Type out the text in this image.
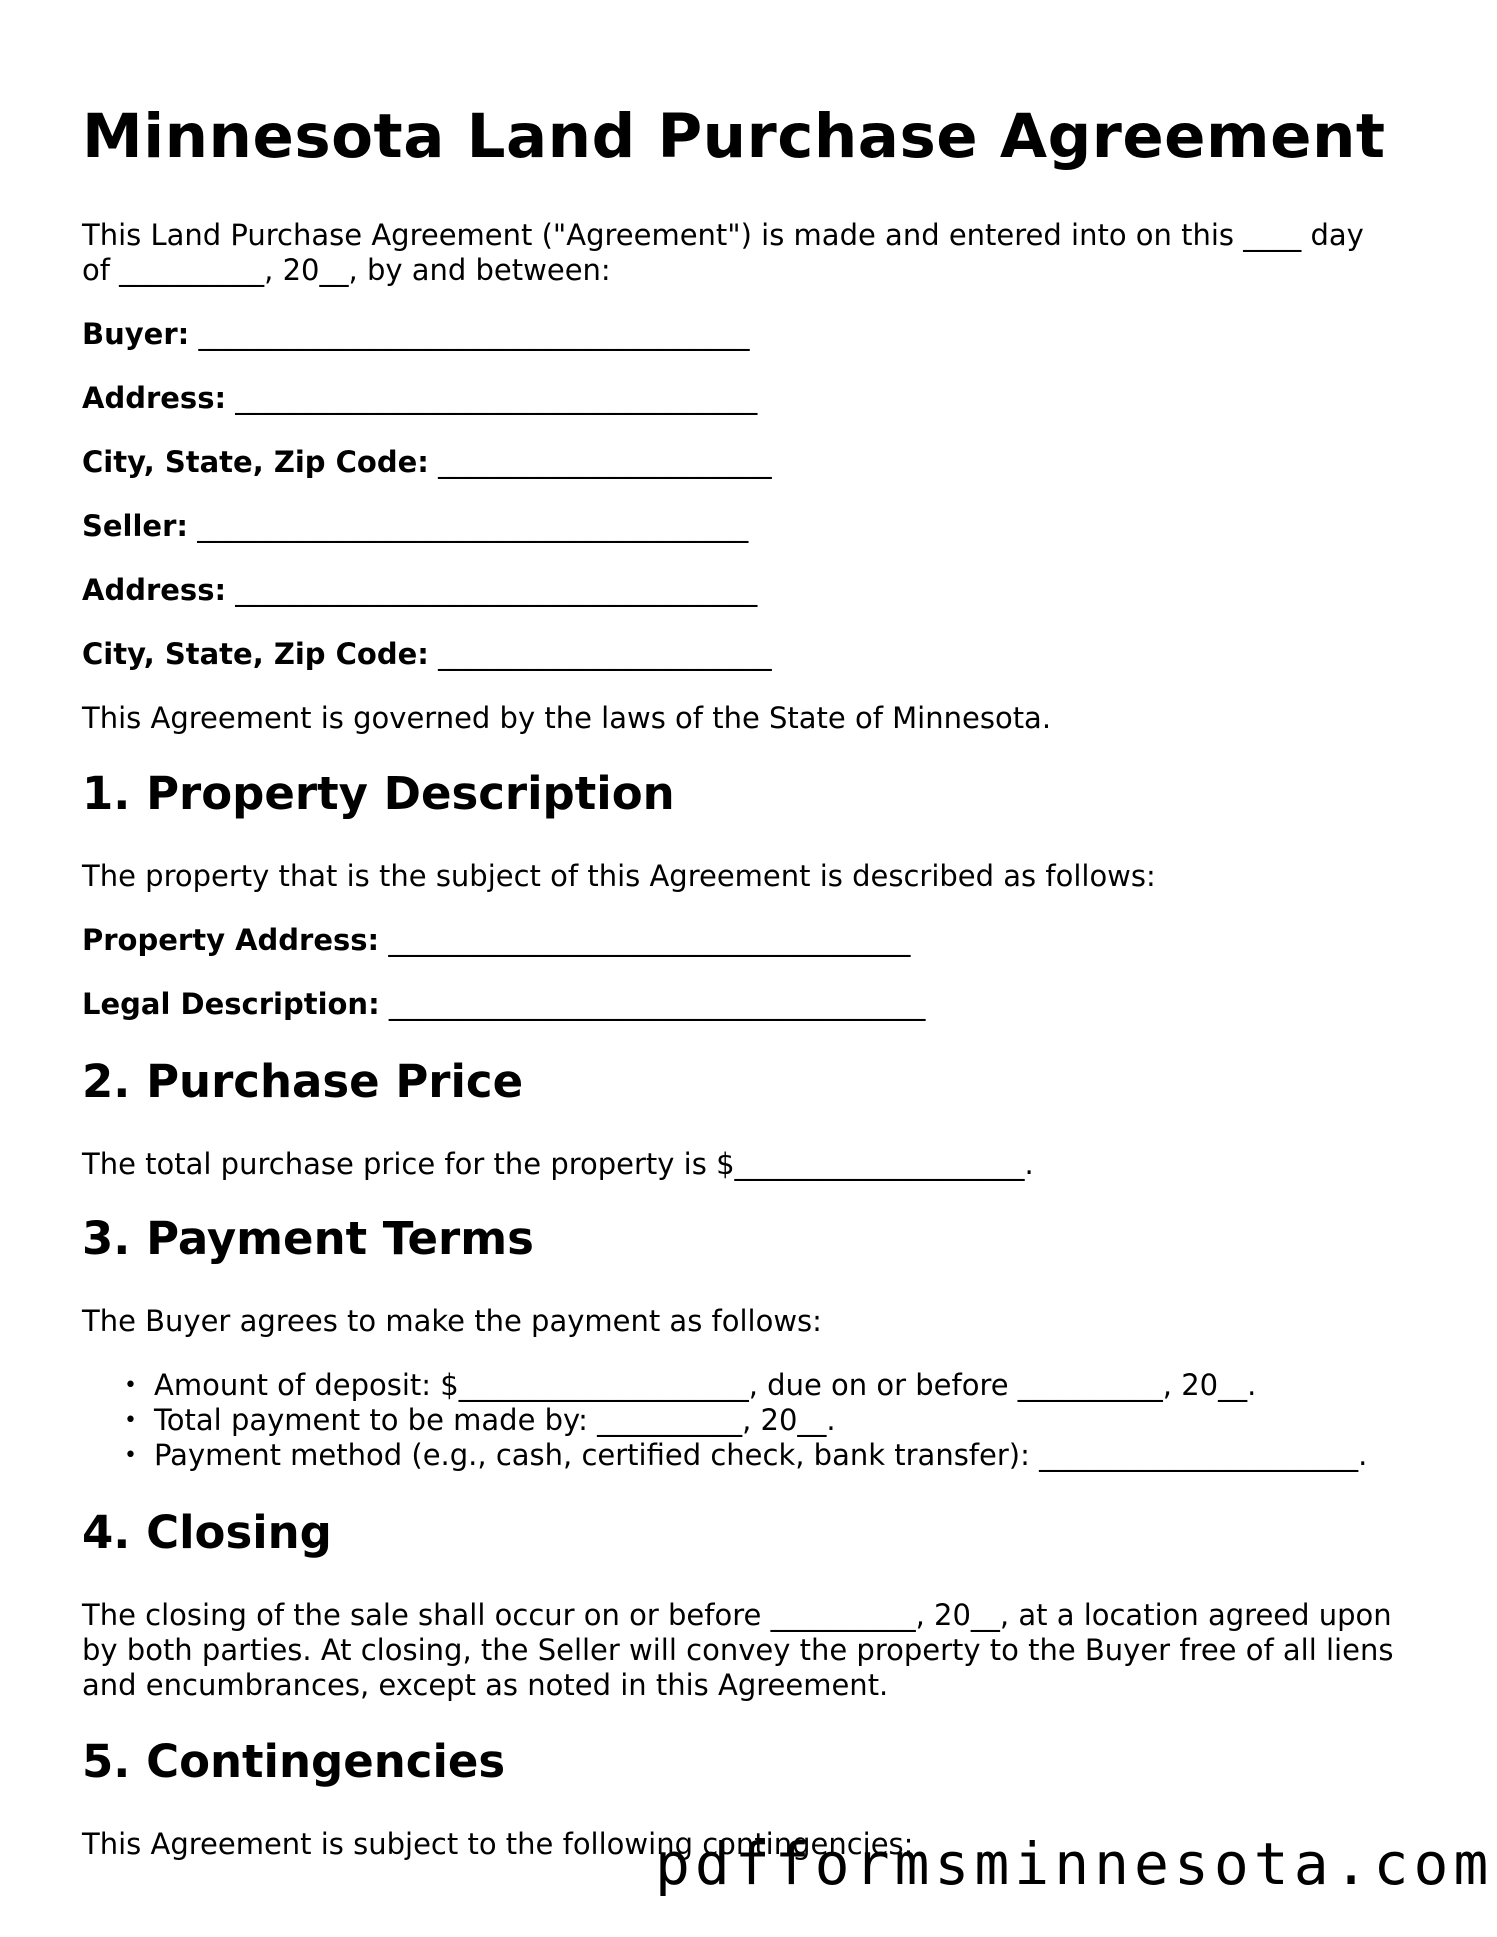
Minnesota Land Purchase Agreement

This Land Purchase Agreement ("Agreement") is made and entered into on this ____ day

of __________, 20__, by and between:

Buyer: ______________________________________
Address: ____________________________________
City, State, Zip Code: _______________________
Seller: ______________________________________
Address: ____________________________________
City, State, Zip Code: _______________________

This Agreement is governed by the laws of the State of Minnesota.

1. Property Description

The property that is the subject of this Agreement is described as follows:

Property Address: ____________________________________
Legal Description: _____________________________________
2. Purchase Price

The total purchase price for the property is $____________________.

3. Payment Terms

The Buyer agrees to make the payment as follows:

• Amount of deposit: $____________________, due on or before __________, 20__.
• Total payment to be made by: __________, 20__.
• Payment method (e.g., cash, certified check, bank transfer): ______________________.
4. Closing

The closing of the sale shall occur on or before __________, 20__, at a location agreed upon

by both parties. At closing, the Seller will convey the property to the Buyer free of all liens

and encumbrances, except as noted in this Agreement.

5. Contingencies

This Agreement is subject to the following contingencies:

pdfformsminnesota.com
